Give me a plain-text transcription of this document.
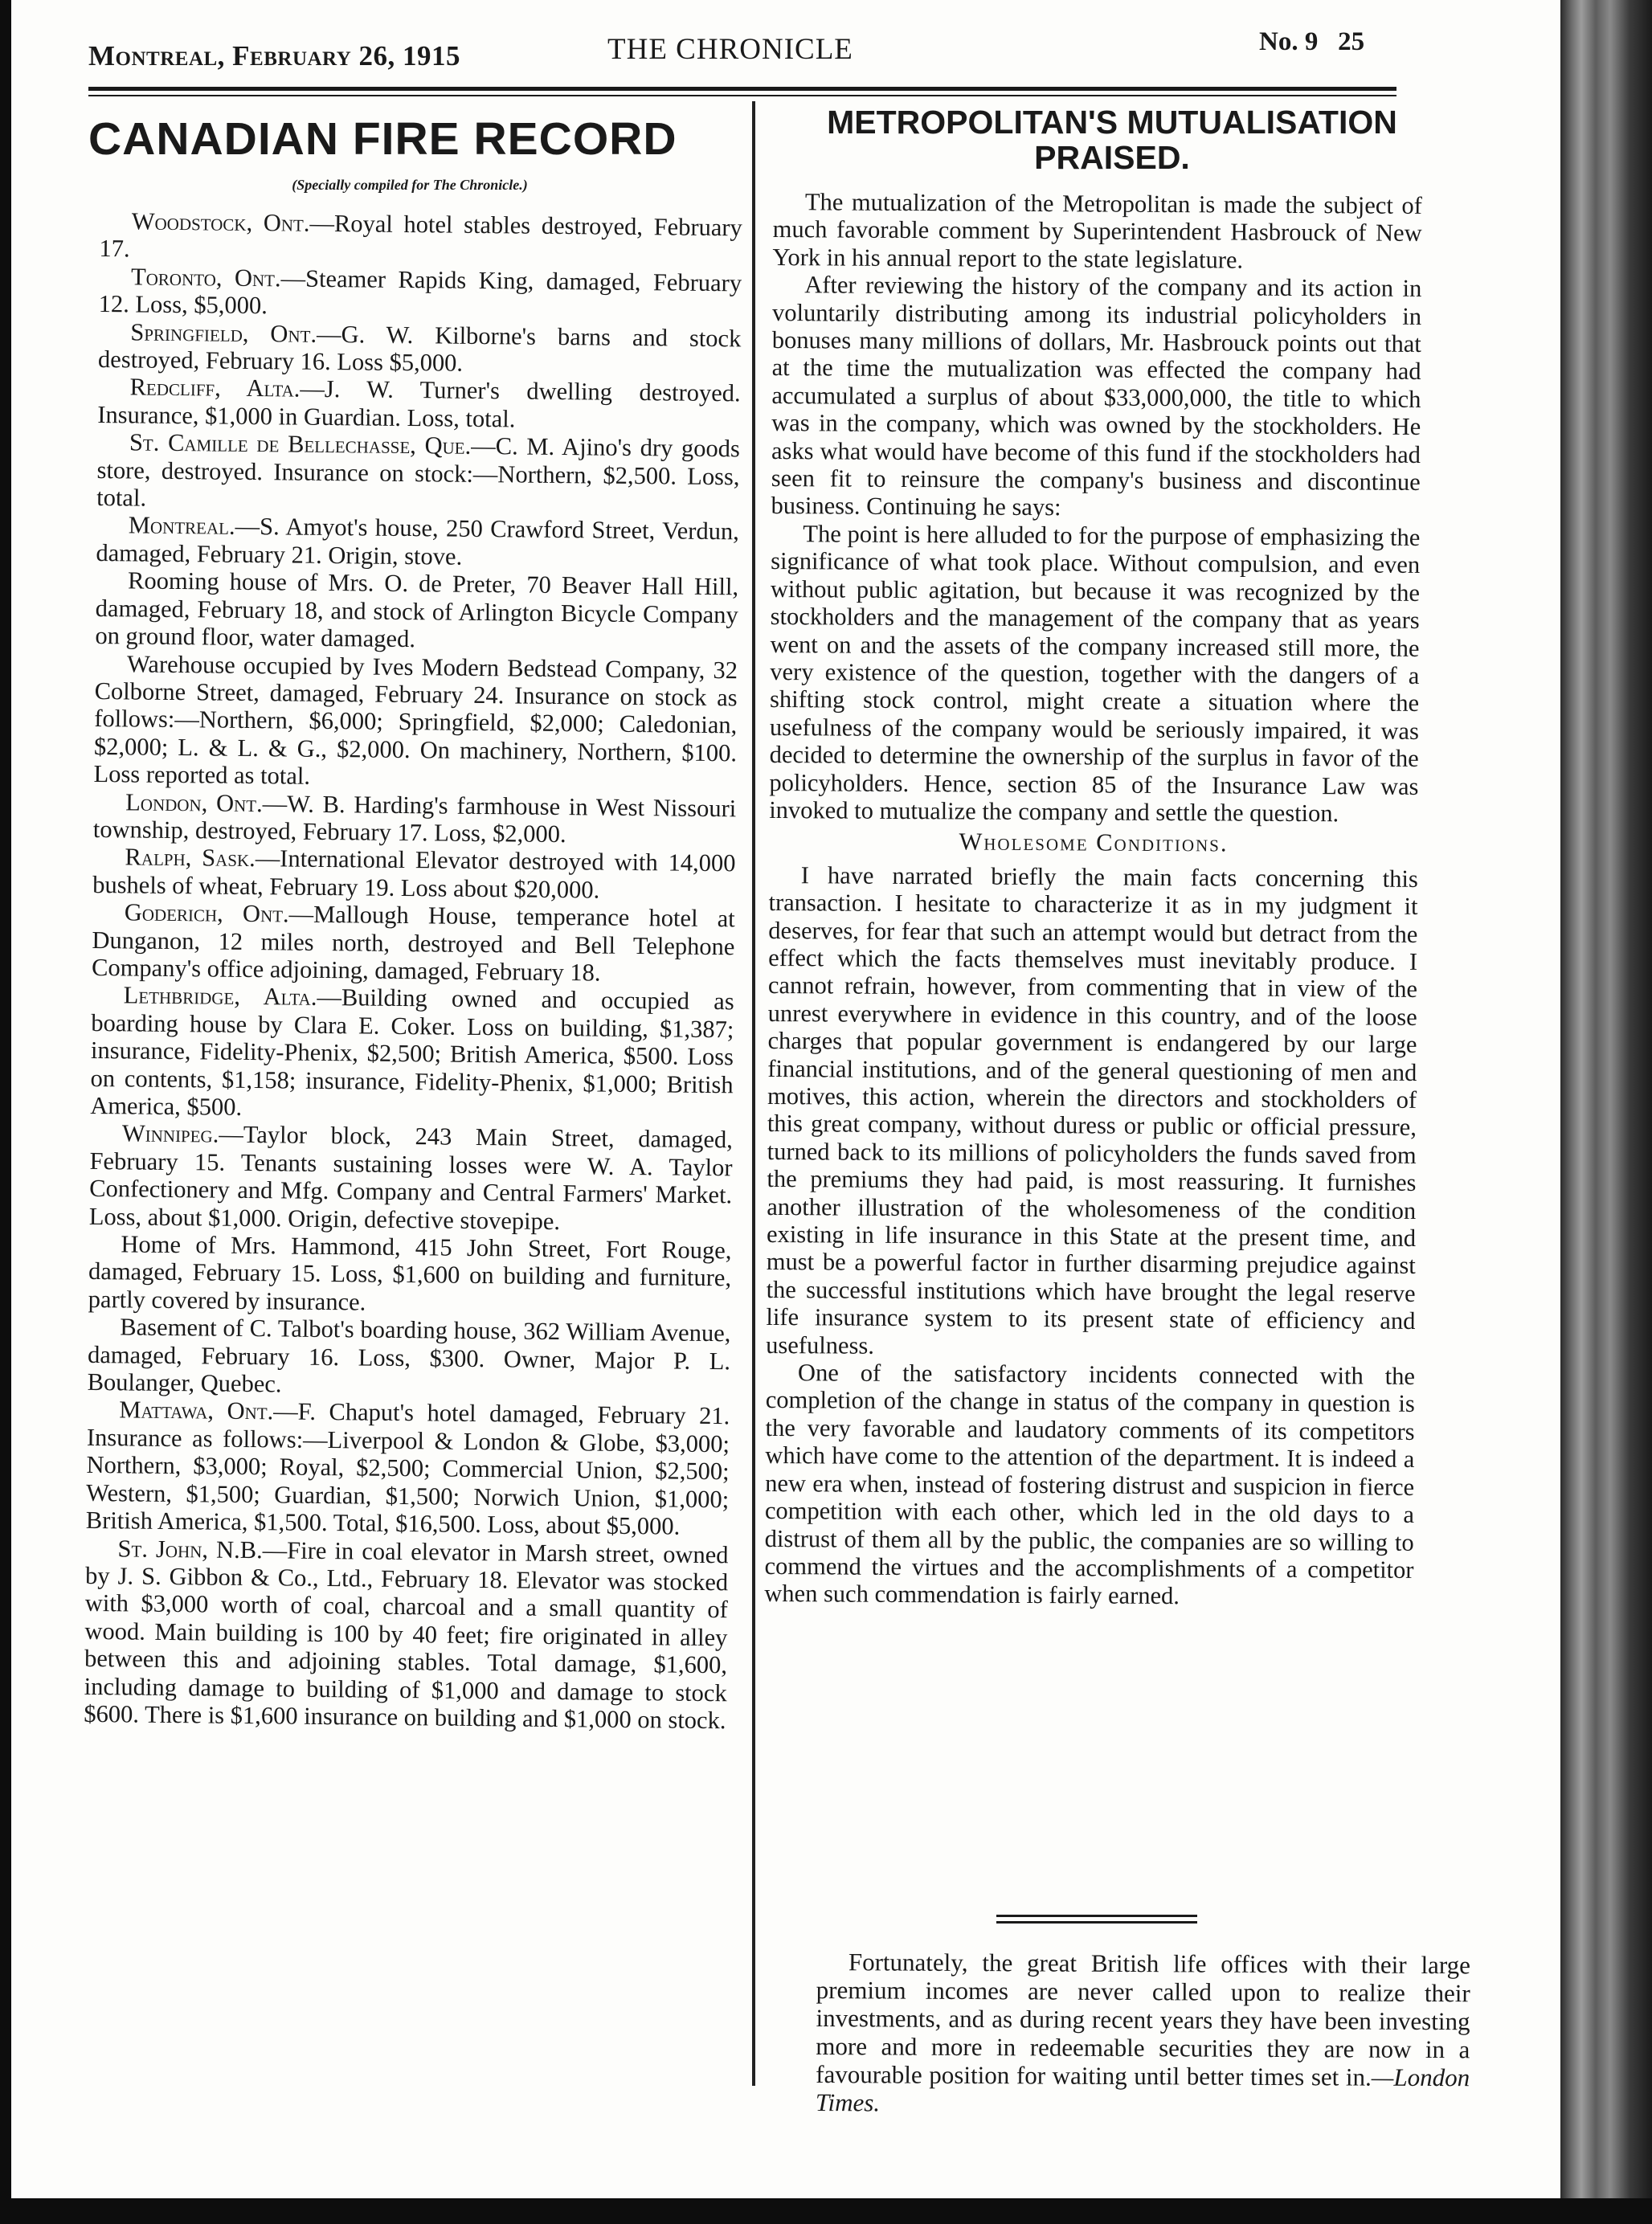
Montreal, February 26, 1915	THE CHRONICLE	No. 9   25
CANADIAN FIRE RECORD
(Specially compiled for The Chronicle.)

Woodstock, Ont.—Royal hotel stables destroyed, February 17.

Toronto, Ont.—Steamer Rapids King, damaged, February 12. Loss, $5,000.

Springfield, Ont.—G. W. Kilborne's barns and stock destroyed, February 16. Loss $5,000.

Redcliff, Alta.—J. W. Turner's dwelling destroyed. Insurance, $1,000 in Guardian. Loss, total.

St. Camille de Bellechasse, Que.—C. M. Ajino's dry goods store, destroyed. Insurance on stock:—Northern, $2,500. Loss, total.

Montreal.—S. Amyot's house, 250 Crawford Street, Verdun, damaged, February 21. Origin, stove.

Rooming house of Mrs. O. de Preter, 70 Beaver Hall Hill, damaged, February 18, and stock of Arlington Bicycle Company on ground floor, water damaged.

Warehouse occupied by Ives Modern Bedstead Company, 32 Colborne Street, damaged, February 24. Insurance on stock as follows:—Northern, $6,000; Springfield, $2,000; Caledonian, $2,000; L. & L. & G., $2,000. On machinery, Northern, $100. Loss reported as total.

London, Ont.—W. B. Harding's farmhouse in West Nissouri township, destroyed, February 17. Loss, $2,000.

Ralph, Sask.—International Elevator destroyed with 14,000 bushels of wheat, February 19. Loss about $20,000.

Goderich, Ont.—Mallough House, temperance hotel at Dunganon, 12 miles north, destroyed and Bell Telephone Company's office adjoining, damaged, February 18.

Lethbridge, Alta.—Building owned and occupied as boarding house by Clara E. Coker. Loss on building, $1,387; insurance, Fidelity-Phenix, $2,500; British America, $500. Loss on contents, $1,158; insurance, Fidelity-Phenix, $1,000; British America, $500.

Winnipeg.—Taylor block, 243 Main Street, damaged, February 15. Tenants sustaining losses were W. A. Taylor Confectionery and Mfg. Company and Central Farmers' Market. Loss, about $1,000. Origin, defective stovepipe.

Home of Mrs. Hammond, 415 John Street, Fort Rouge, damaged, February 15. Loss, $1,600 on building and furniture, partly covered by insurance.

Basement of C. Talbot's boarding house, 362 William Avenue, damaged, February 16. Loss, $300. Owner, Major P. L. Boulanger, Quebec.

Mattawa, Ont.—F. Chaput's hotel damaged, February 21. Insurance as follows:—Liverpool & London & Globe, $3,000; Northern, $3,000; Royal, $2,500; Commercial Union, $2,500; Western, $1,500; Guardian, $1,500; Norwich Union, $1,000; British America, $1,500. Total, $16,500. Loss, about $5,000.

St. John, N.B.—Fire in coal elevator in Marsh street, owned by J. S. Gibbon & Co., Ltd., February 18. Elevator was stocked with $3,000 worth of coal, charcoal and a small quantity of wood. Main building is 100 by 40 feet; fire originated in alley between this and adjoining stables. Total damage, $1,600, including damage to building of $1,000 and damage to stock $600. There is $1,600 insurance on building and $1,000 on stock.

METROPOLITAN'S MUTUALISATION PRAISED.

The mutualization of the Metropolitan is made the subject of much favorable comment by Superintendent Hasbrouck of New York in his annual report to the state legislature.

After reviewing the history of the company and its action in voluntarily distributing among its industrial policyholders in bonuses many millions of dollars, Mr. Hasbrouck points out that at the time the mutualization was effected the company had accumulated a surplus of about $33,000,000, the title to which was in the company, which was owned by the stockholders. He asks what would have become of this fund if the stockholders had seen fit to reinsure the company's business and discontinue business. Continuing he says:

The point is here alluded to for the purpose of emphasizing the significance of what took place. Without compulsion, and even without public agitation, but because it was recognized by the stockholders and the management of the company that as years went on and the assets of the company increased still more, the very existence of the question, together with the dangers of a shifting stock control, might create a situation where the usefulness of the company would be seriously impaired, it was decided to determine the ownership of the surplus in favor of the policyholders. Hence, section 85 of the Insurance Law was invoked to mutualize the company and settle the question.

Wholesome Conditions.

I have narrated briefly the main facts concerning this transaction. I hesitate to characterize it as in my judgment it deserves, for fear that such an attempt would but detract from the effect which the facts themselves must inevitably produce. I cannot refrain, however, from commenting that in view of the unrest everywhere in evidence in this country, and of the loose charges that popular government is endangered by our large financial institutions, and of the general questioning of men and motives, this action, wherein the directors and stockholders of this great company, without duress or public or official pressure, turned back to its millions of policyholders the funds saved from the premiums they had paid, is most reassuring. It furnishes another illustration of the wholesomeness of the condition existing in life insurance in this State at the present time, and must be a powerful factor in further disarming prejudice against the successful institutions which have brought the legal reserve life insurance system to its present state of efficiency and usefulness.

One of the satisfactory incidents connected with the completion of the change in status of the company in question is the very favorable and laudatory comments of its competitors which have come to the attention of the department. It is indeed a new era when, instead of fostering distrust and suspicion in fierce competition with each other, which led in the old days to a distrust of them all by the public, the companies are so willing to commend the virtues and the accomplishments of a competitor when such commendation is fairly earned.

Fortunately, the great British life offices with their large premium incomes are never called upon to realize their investments, and as during recent years they have been investing more and more in redeemable securities they are now in a favourable position for waiting until better times set in.—London Times.
